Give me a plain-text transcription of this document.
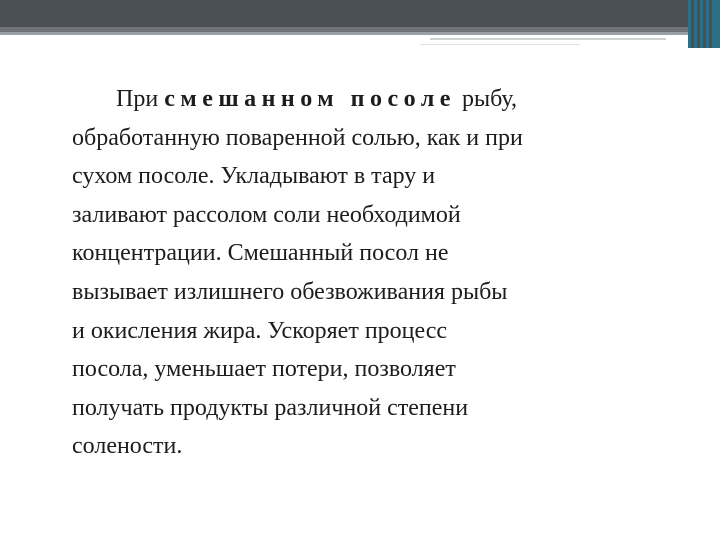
При смешанном посоле рыбу,
обработанную поваренной солью, как и при
сухом посоле. Укладывают в тару и
заливают рассолом соли необходимой
концентрации. Смешанный посол не
вызывает излишнего обезвоживания рыбы
и окисления жира. Ускоряет процесс
посола, уменьшает потери, позволяет
получать продукты различной степени
солености.
